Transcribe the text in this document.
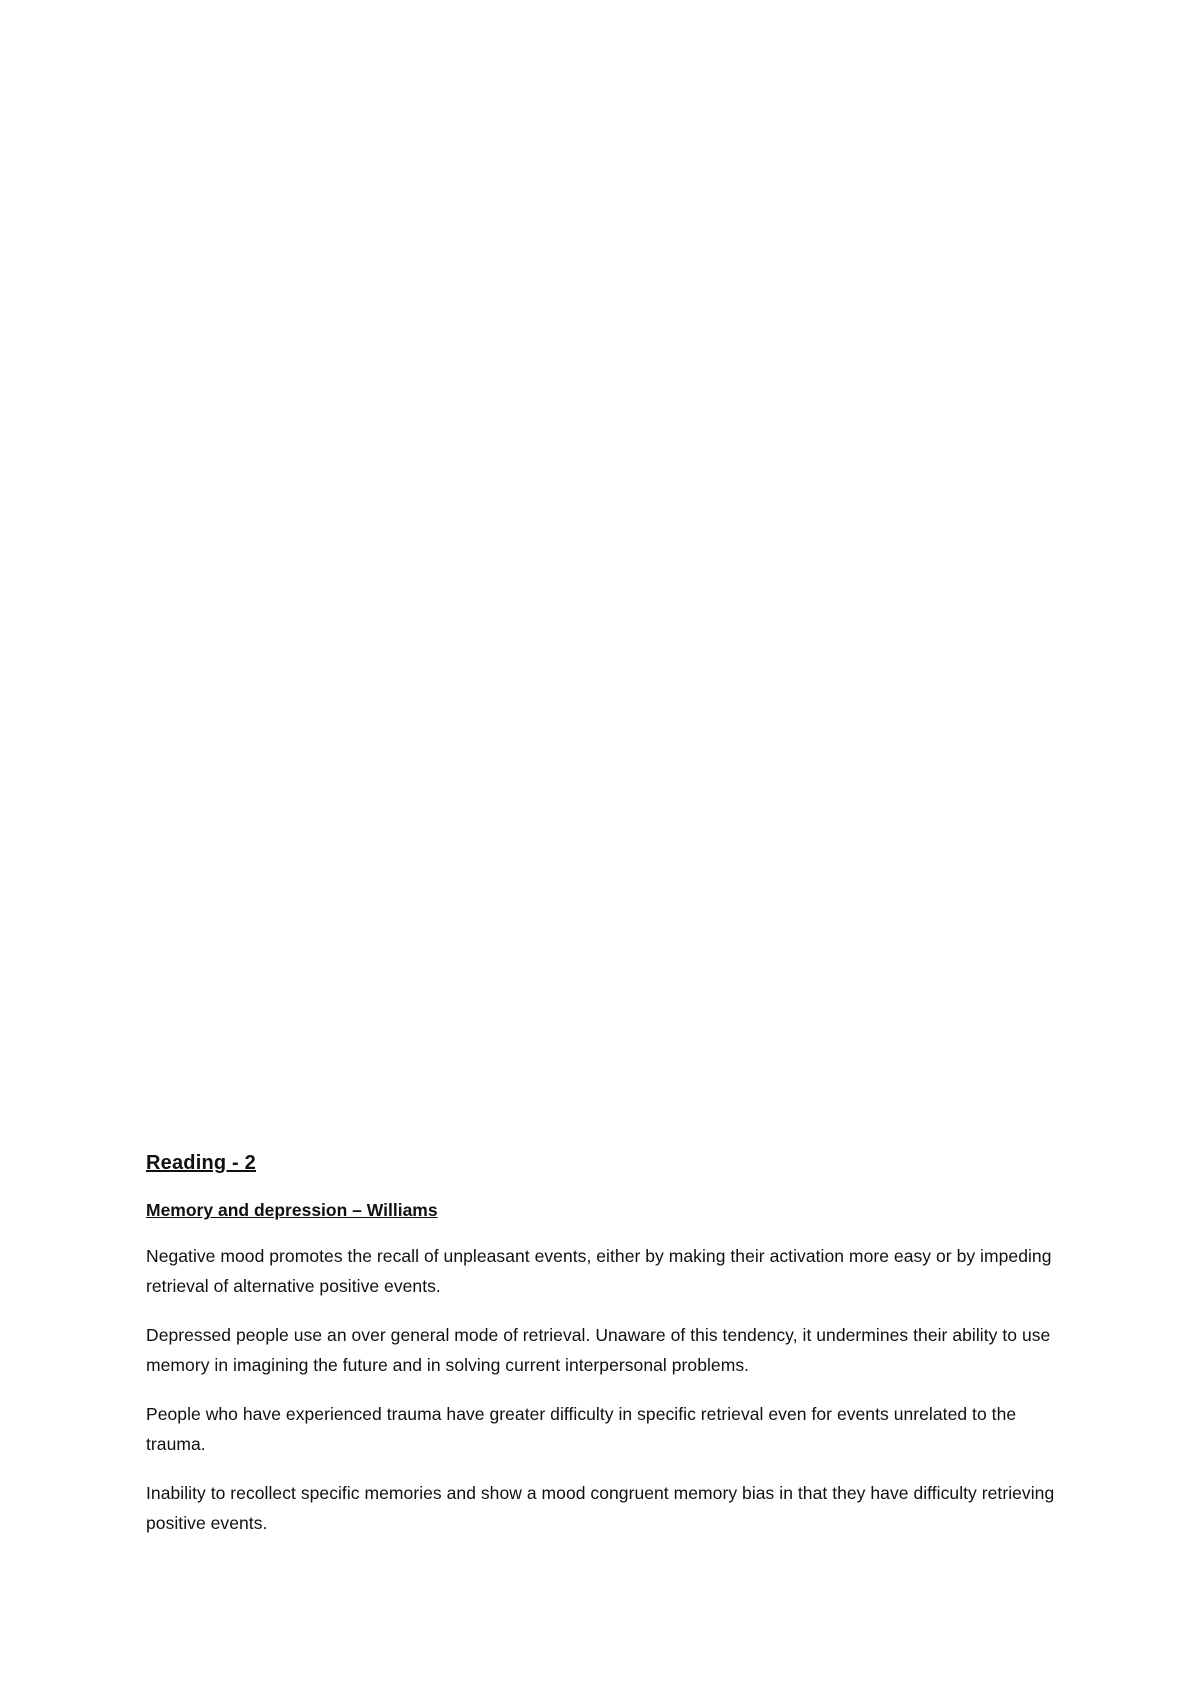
Reading - 2
Memory and depression – Williams

Negative mood promotes the recall of unpleasant events, either by making their activation more easy or by impeding retrieval of alternative positive events.

Depressed people use an over general mode of retrieval. Unaware of this tendency, it undermines their ability to use memory in imagining the future and in solving current interpersonal problems.

People who have experienced trauma have greater difficulty in specific retrieval even for events unrelated to the trauma.

Inability to recollect specific memories and show a mood congruent memory bias in that they have difficulty retrieving positive events.
